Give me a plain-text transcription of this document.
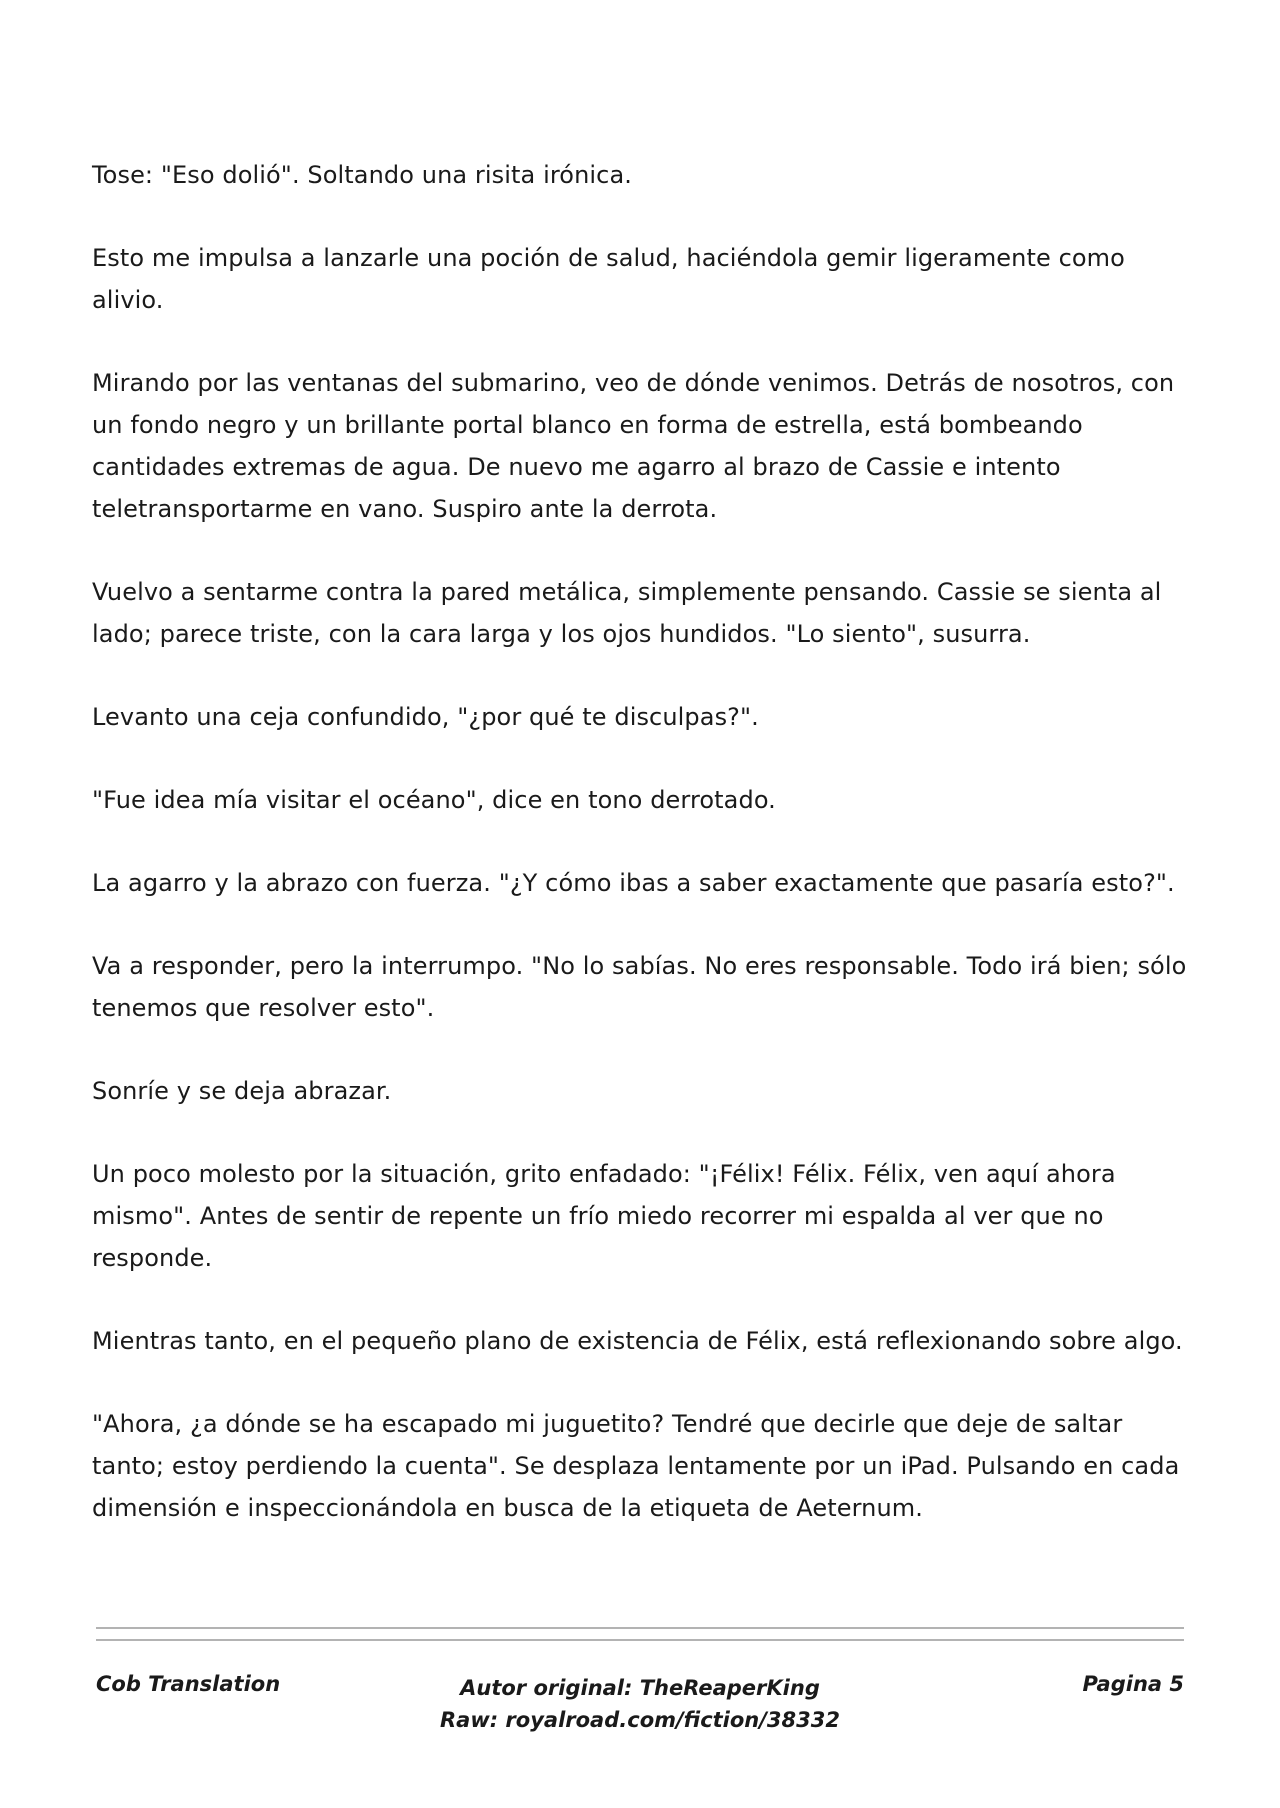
Tose: "Eso dolió". Soltando una risita irónica.

Esto me impulsa a lanzarle una poción de salud, haciéndola gemir ligeramente como alivio.

Mirando por las ventanas del submarino, veo de dónde venimos. Detrás de nosotros, con un fondo negro y un brillante portal blanco en forma de estrella, está bombeando cantidades extremas de agua. De nuevo me agarro al brazo de Cassie e intento teletransportarme en vano. Suspiro ante la derrota.

Vuelvo a sentarme contra la pared metálica, simplemente pensando. Cassie se sienta al lado; parece triste, con la cara larga y los ojos hundidos. "Lo siento", susurra.

Levanto una ceja confundido, "¿por qué te disculpas?".

"Fue idea mía visitar el océano", dice en tono derrotado.

La agarro y la abrazo con fuerza. "¿Y cómo ibas a saber exactamente que pasaría esto?".

Va a responder, pero la interrumpo. "No lo sabías. No eres responsable. Todo irá bien; sólo tenemos que resolver esto".

Sonríe y se deja abrazar.

Un poco molesto por la situación, grito enfadado: "¡Félix! Félix. Félix, ven aquí ahora mismo". Antes de sentir de repente un frío miedo recorrer mi espalda al ver que no responde.

Mientras tanto, en el pequeño plano de existencia de Félix, está reflexionando sobre algo.

"Ahora, ¿a dónde se ha escapado mi juguetito? Tendré que decirle que deje de saltar tanto; estoy perdiendo la cuenta". Se desplaza lentamente por un iPad. Pulsando en cada dimensión e inspeccionándola en busca de la etiqueta de Aeternum.

Cob Translation	Autor original: TheReaperKing
Raw: royalroad.com/fiction/38332
Pagina 5
